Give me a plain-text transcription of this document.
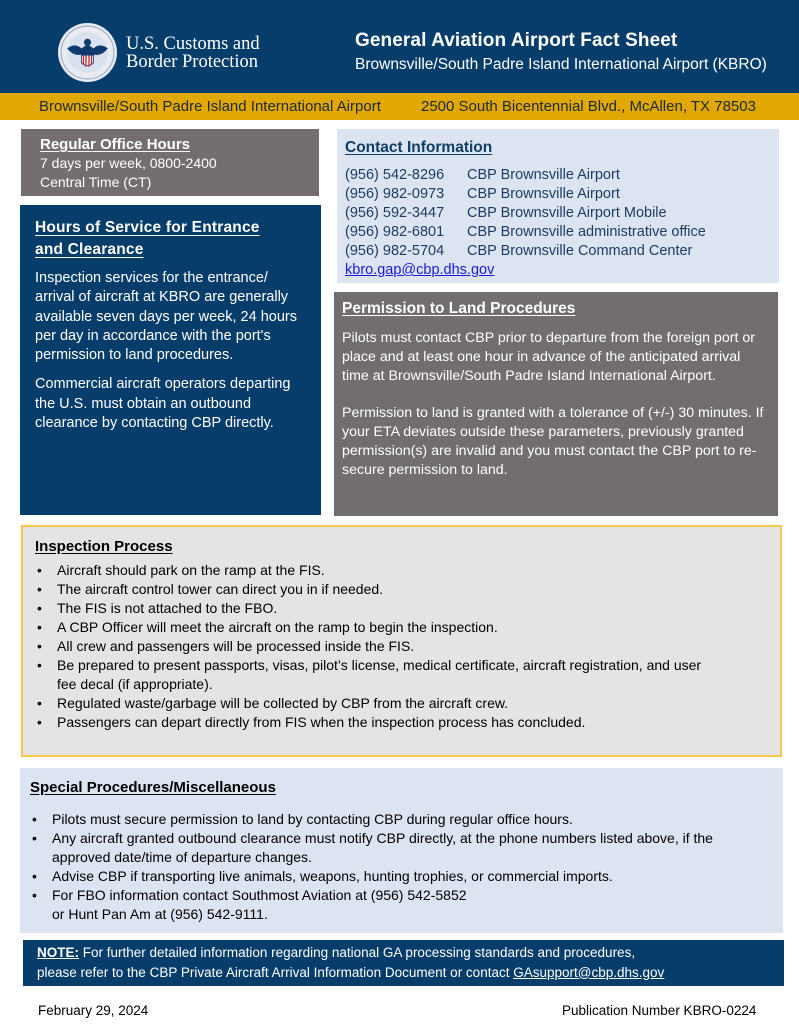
U.S. Customs and
Border Protection
General Aviation Airport Fact Sheet
Brownsville/South Padre Island International Airport (KBRO)
Brownsville/South Padre Island International Airport	2500 South Bicentennial Blvd., McAllen, TX 78503
Regular Office Hours

7 days per week, 0800-2400

Central Time (CT)

Hours of Service for Entrance
and Clearance

Inspection services for the entrance/ arrival of aircraft at KBRO are generally available seven days per week, 24 hours per day in accordance with the port's permission to land procedures.

Commercial aircraft operators departing the U.S. must obtain an outbound clearance by contacting CBP directly.

Contact Information
(956) 542-8296 CBP Brownsville Airport
(956) 982-0973 CBP Brownsville Airport
(956) 592-3447 CBP Brownsville Airport Mobile
(956) 982-6801 CBP Brownsville administrative office
(956) 982-5704 CBP Brownsville Command Center
kbro.gap@cbp.dhs.gov
Permission to Land Procedures

Pilots must contact CBP prior to departure from the foreign port or place and at least one hour in advance of the anticipated arrival time at Brownsville/South Padre Island International Airport.

Permission to land is granted with a tolerance of (+/-) 30 minutes. If your ETA deviates outside these parameters, previously granted permission(s) are invalid and you must contact the CBP port to re-secure permission to land.

Inspection Process
• Aircraft should park on the ramp at the FIS.
• The aircraft control tower can direct you in if needed.
• The FIS is not attached to the FBO.
• A CBP Officer will meet the aircraft on the ramp to begin the inspection.
• All crew and passengers will be processed inside the FIS.
• Be prepared to present passports, visas, pilot’s license, medical certificate, aircraft registration, and user fee decal (if appropriate).
• Regulated waste/garbage will be collected by CBP from the aircraft crew.
• Passengers can depart directly from FIS when the inspection process has concluded.
Special Procedures/Miscellaneous
• Pilots must secure permission to land by contacting CBP during regular office hours.
• Any aircraft granted outbound clearance must notify CBP directly, at the phone numbers listed above, if the approved date/time of departure changes.
• Advise CBP if transporting live animals, weapons, hunting trophies, or commercial imports.
• For FBO information contact Southmost Aviation at (956) 542-5852
or Hunt Pan Am at (956) 542-9111.
NOTE: For further detailed information regarding national GA processing standards and procedures,
please refer to the CBP Private Aircraft Arrival Information Document or contact GAsupport@cbp.dhs.gov
February 29, 2024	Publication Number KBRO-0224
